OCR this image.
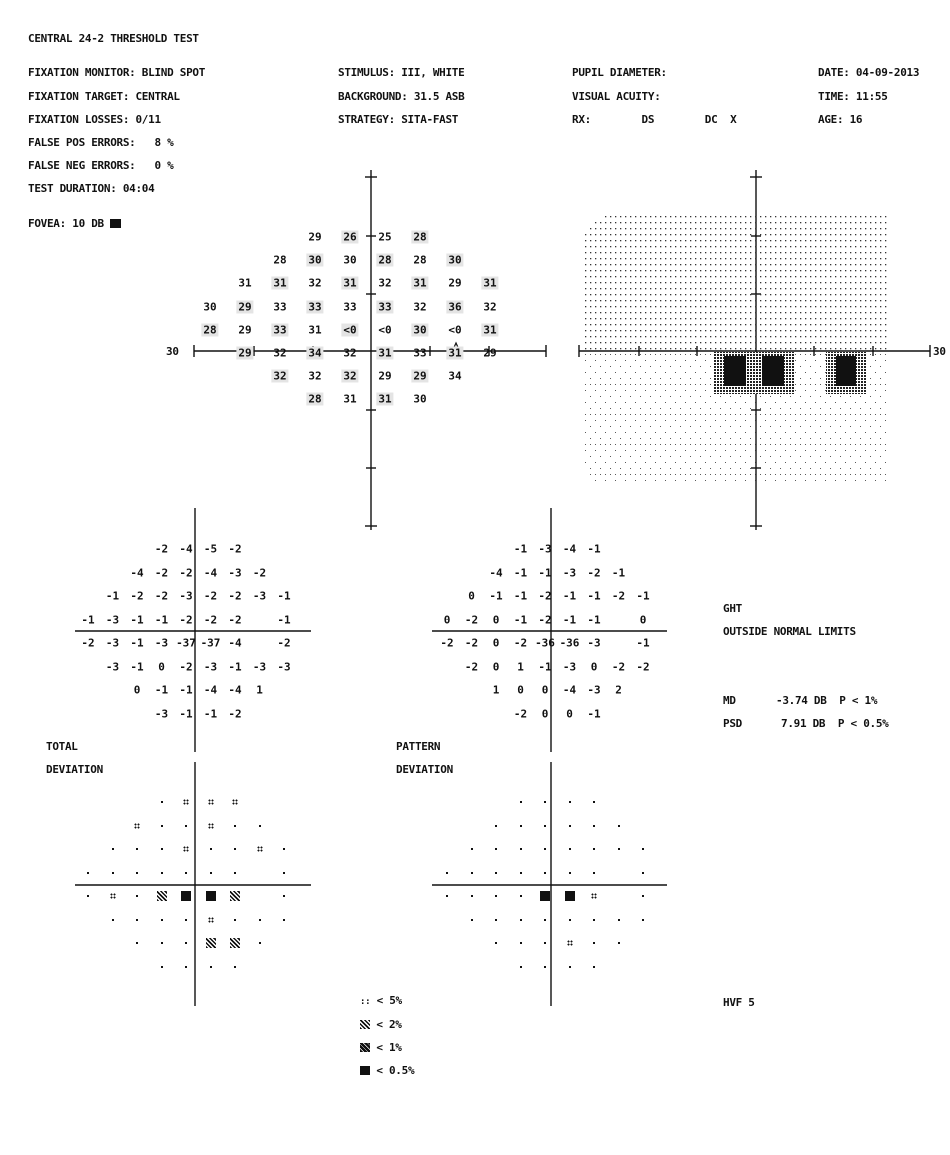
CENTRAL 24-2 THRESHOLD TEST
FIXATION MONITOR: BLIND SPOT
FIXATION TARGET: CENTRAL
FIXATION LOSSES: 0/11
FALSE POS ERRORS:   8 %
FALSE NEG ERRORS:   0 %
TEST DURATION: 04:04
FOVEA: 10 DB
STIMULUS: III, WHITE
BACKGROUND: 31.5 ASB
STRATEGY: SITA-FAST
PUPIL DIAMETER:
VISUAL ACUITY:
RX:        DS        DC  X
DATE: 04-09-2013
TIME: 11:55
AGE: 16
30	30
29 26 25 28
28 30 30 28 28 30
31 31 32 31 32 31 29 31
30 29 33 33 33 33 32 36 32
28 29 33 31 <0 <0 30 <0 31
29 32 34 32 31 33 31 29
32 32 32 29 29 34
28 31 31 30
-2 -4 -5 -2
-4 -2 -2 -4 -3 -2
-1 -2 -2 -3 -2 -2 -3 -1
-1 -3 -1 -1 -2 -2 -2	-1
-2 -3 -1 -3 -37 -37 -4	-2
-3 -1 0 -2 -3 -1 -3 -3
0 -1 -1 -4 -4 1
-3 -1 -1 -2
-1 -3 -4 -1
-4 -1 -1 -3 -2 -1
0 -1 -1 -2 -1 -1 -2 -1
0 -2 0 -1 -2 -1 -1	0
-2 -2 0 -2 -36 -36 -3	-1
-2 0 1 -1 -3 0 -2 -2
1 0 0 -4 -3 2
-2 0 0 -1
TOTAL
DEVIATION
PATTERN
DEVIATION
GHT
OUTSIDE NORMAL LIMITS
MD	-3.74 DB  P < 1%
PSD	7.91 DB  P < 0.5%
HVF 5
:: < 5%
< 2%
< 1%
< 0.5%
